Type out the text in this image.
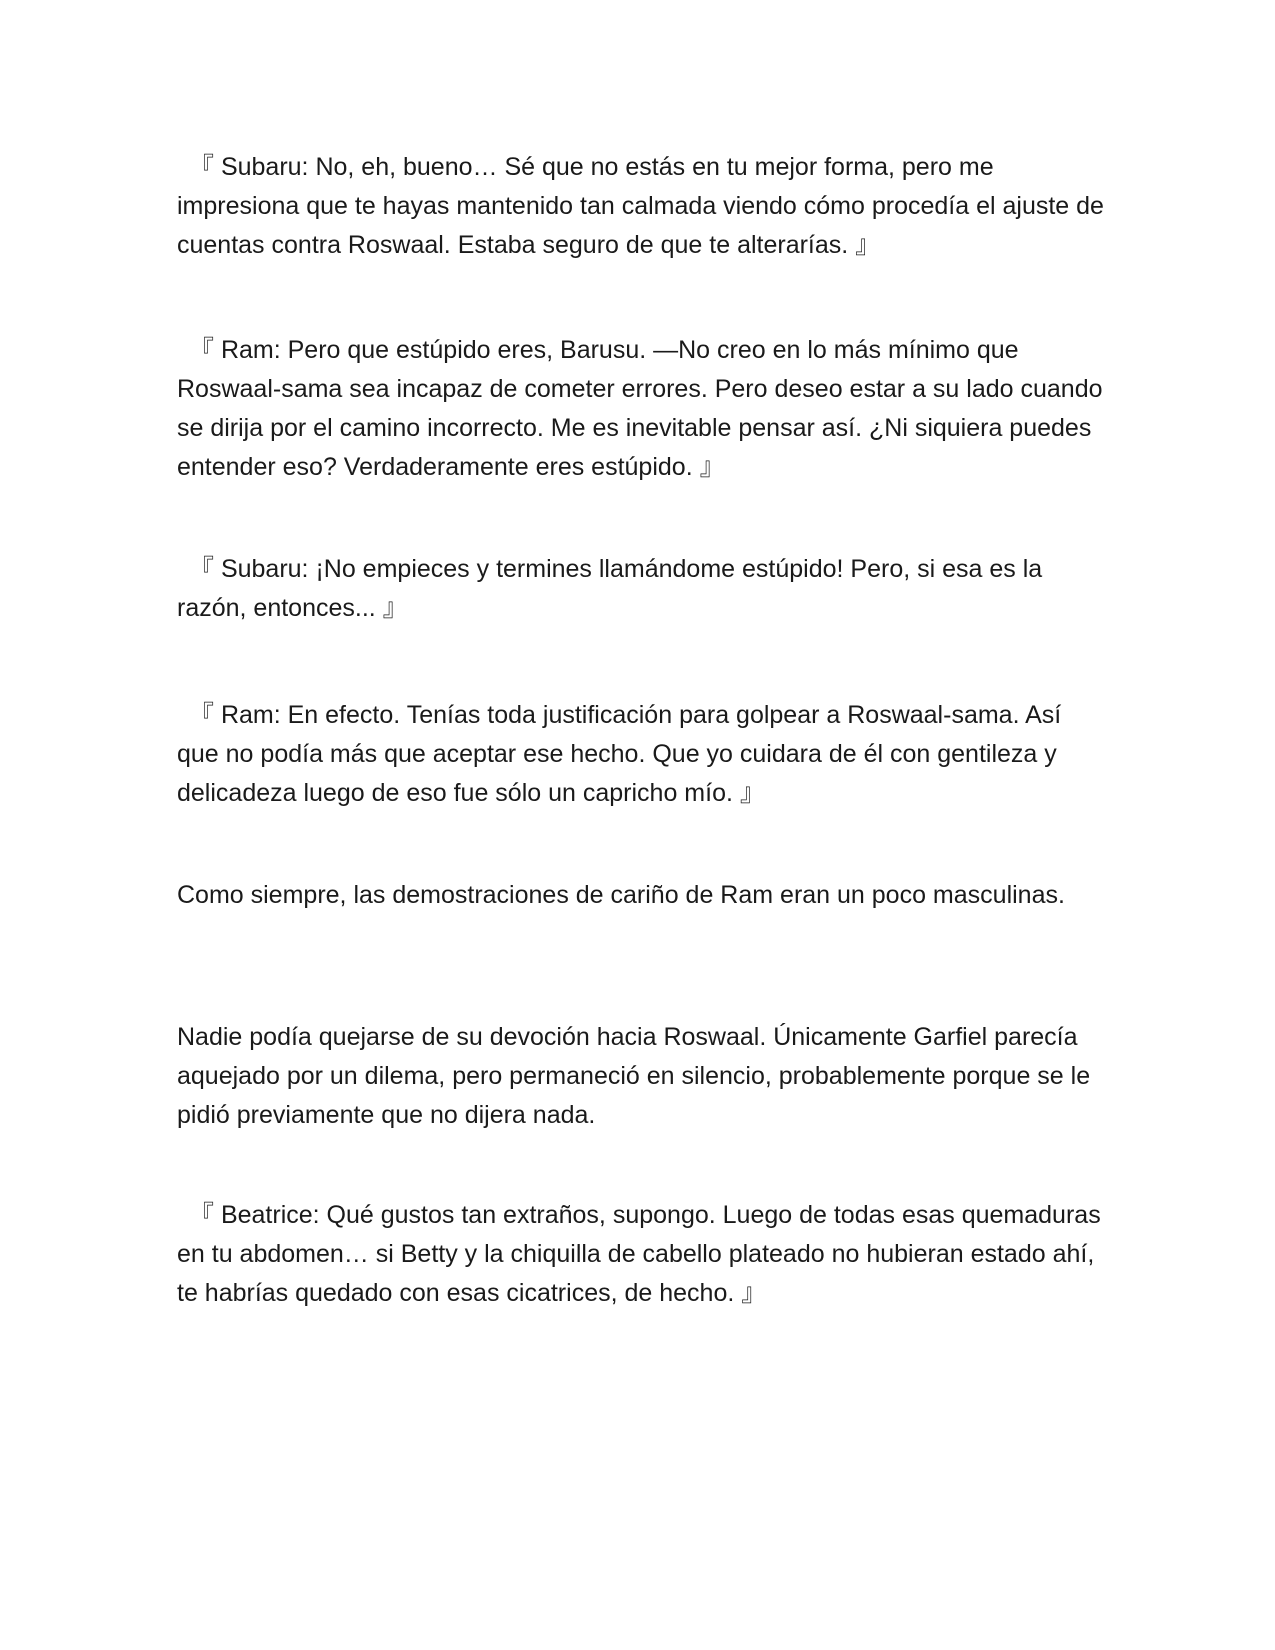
『 Subaru: No, eh, bueno… Sé que no estás en tu mejor forma, pero me impresiona que te hayas mantenido tan calmada viendo cómo procedía el ajuste de cuentas contra Roswaal. Estaba seguro de que te alterarías. 』

『 Ram: Pero que estúpido eres, Barusu. —No creo en lo más mínimo que Roswaal-sama sea incapaz de cometer errores. Pero deseo estar a su lado cuando se dirija por el camino incorrecto. Me es inevitable pensar así. ¿Ni siquiera puedes entender eso? Verdaderamente eres estúpido. 』

『 Subaru: ¡No empieces y termines llamándome estúpido! Pero, si esa es la razón, entonces... 』

『 Ram: En efecto. Tenías toda justificación para golpear a Roswaal-sama. Así que no podía más que aceptar ese hecho. Que yo cuidara de él con gentileza y delicadeza luego de eso fue sólo un capricho mío. 』

Como siempre, las demostraciones de cariño de Ram eran un poco masculinas.

Nadie podía quejarse de su devoción hacia Roswaal. Únicamente Garfiel parecía aquejado por un dilema, pero permaneció en silencio, probablemente porque se le pidió previamente que no dijera nada.

『 Beatrice: Qué gustos tan extraños, supongo. Luego de todas esas quemaduras en tu abdomen… si Betty y la chiquilla de cabello plateado no hubieran estado ahí, te habrías quedado con esas cicatrices, de hecho. 』
